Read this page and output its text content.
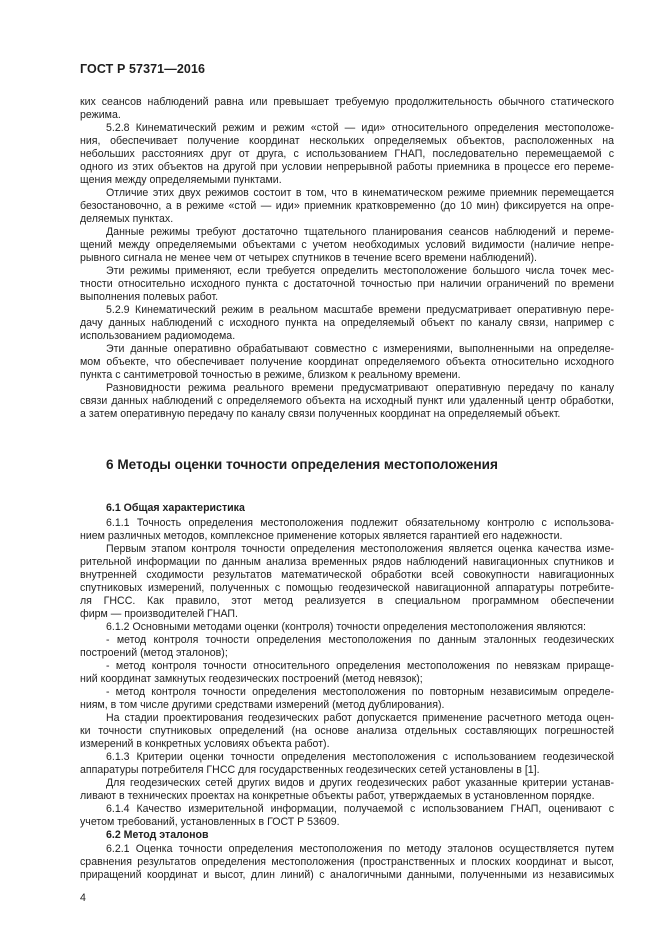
ГОСТ Р 57371—2016
ких сеансов наблюдений равна или превышает требуемую продолжительность обычного статического
режима.
5.2.8 Кинематический режим и режим «стой — иди» относительного определения местоположе-
ния, обеспечивает получение координат нескольких определяемых объектов, расположенных на
небольших расстояниях друг от друга, с использованием ГНАП, последовательно перемещаемой с
одного из этих объектов на другой при условии непрерывной работы приемника в процессе его переме-
щения между определяемыми пунктами.
Отличие этих двух режимов состоит в том, что в кинематическом режиме приемник перемещается
безостановочно, а в режиме «стой — иди» приемник кратковременно (до 10 мин) фиксируется на опре-
деляемых пунктах.
Данные режимы требуют достаточно тщательного планирования сеансов наблюдений и переме-
щений между определяемыми объектами с учетом необходимых условий видимости (наличие непре-
рывного сигнала не менее чем от четырех спутников в течение всего времени наблюдений).
Эти режимы применяют, если требуется определить местоположение большого числа точек мес-
тности относительно исходного пункта с достаточной точностью при наличии ограничений по времени
выполнения полевых работ.
5.2.9 Кинематический режим в реальном масштабе времени предусматривает оперативную пере-
дачу данных наблюдений с исходного пункта на определяемый объект по каналу связи, например с
использованием радиомодема.
Эти данные оперативно обрабатывают совместно с измерениями, выполненными на определяе-
мом объекте, что обеспечивает получение координат определяемого объекта относительно исходного
пункта с сантиметровой точностью в режиме, близком к реальному времени.
Разновидности режима реального времени предусматривают оперативную передачу по каналу
связи данных наблюдений с определяемого объекта на исходный пункт или удаленный центр обработки,
а затем оперативную передачу по каналу связи полученных координат на определяемый объект.
6 Методы оценки точности определения местоположения
6.1 Общая характеристика
6.1.1 Точность определения местоположения подлежит обязательному контролю с использова-
нием различных методов, комплексное применение которых является гарантией его надежности.
Первым этапом контроля точности определения местоположения является оценка качества изме-
рительной информации по данным анализа временных рядов наблюдений навигационных спутников и
внутренней сходимости результатов математической обработки всей совокупности навигационных
спутниковых измерений, полученных с помощью геодезической навигационной аппаратуры потребите-
ля ГНСС. Как правило, этот метод реализуется в специальном программном обеспечении
фирм — производителей ГНАП.
6.1.2 Основными методами оценки (контроля) точности определения местоположения являются:
- метод контроля точности определения местоположения по данным эталонных геодезических
построений (метод эталонов);
- метод контроля точности относительного определения местоположения по невязкам прираще-
ний координат замкнутых геодезических построений (метод невязок);
- метод контроля точности определения местоположения по повторным независимым определе-
ниям, в том числе другими средствами измерений (метод дублирования).
На стадии проектирования геодезических работ допускается применение расчетного метода оцен-
ки точности спутниковых определений (на основе анализа отдельных составляющих погрешностей
измерений в конкретных условиях объекта работ).
6.1.3 Критерии оценки точности определения местоположения с использованием геодезической
аппаратуры потребителя ГНСС для государственных геодезических сетей установлены в [1].
Для геодезических сетей других видов и других геодезических работ указанные критерии устанав-
ливают в технических проектах на конкретные объекты работ, утверждаемых в установленном порядке.
6.1.4 Качество измерительной информации, получаемой с использованием ГНАП, оценивают с
учетом требований, установленных в ГОСТ Р 53609.
6.2 Метод эталонов
6.2.1 Оценка точности определения местоположения по методу эталонов осуществляется путем
сравнения результатов определения местоположения (пространственных и плоских координат и высот,
приращений координат и высот, длин линий) с аналогичными данными, полученными из независимых
4
